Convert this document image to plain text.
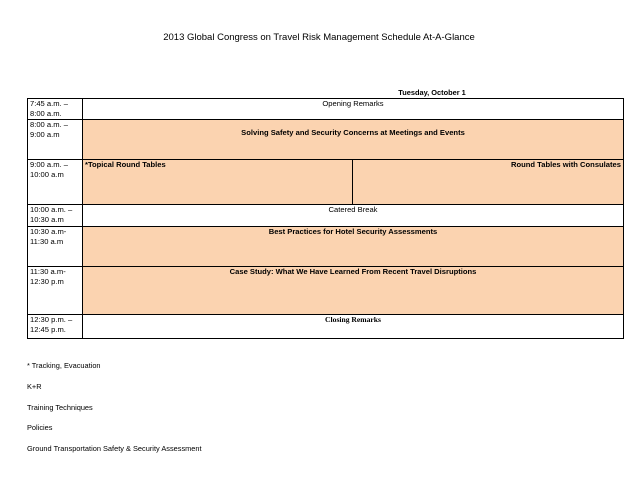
2013 Global Congress on Travel Risk Management Schedule At-A-Glance
	Tuesday, October 1	

7:45 a.m. –
8:00 a.m.	Opening Remarks	

8:00 a.m. –
9:00 a.m	Solving Safety and Security Concerns at Meetings and Events	

9:00 a.m. –
10:00 a.m	*Topical Round Tables	Round Tables with Consulates

10:00 a.m. –
10:30 a.m	Catered Break	

10:30 a.m-
11:30 a.m	Best Practices for Hotel Security Assessments	

11:30 a.m-
12:30 p.m	Case Study: What We Have Learned From Recent Travel Disruptions	

12:30 p.m. –
12:45 p.m.	Closing Remarks	
* Tracking, Evacuation
K+R
Training Techniques
Policies
Ground Transportation Safety & Security Assessment
